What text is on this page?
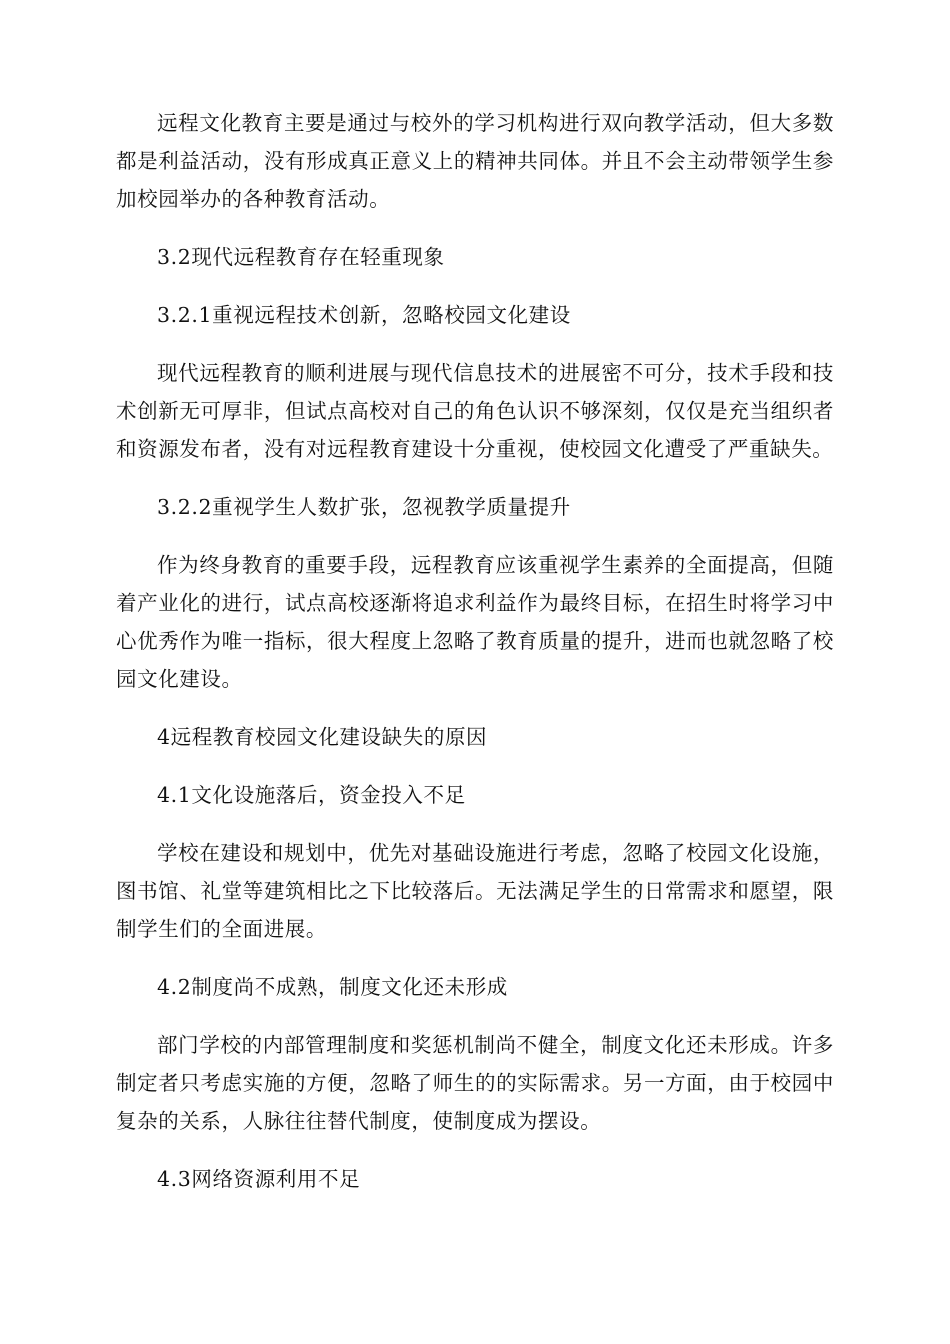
远程文化教育主要是通过与校外的学习机构进行双向教学活动，但大多数都是利益活动，没有形成真正意义上的精神共同体。并且不会主动带领学生参加校园举办的各种教育活动。

3.2现代远程教育存在轻重现象

3.2.1重视远程技术创新，忽略校园文化建设

现代远程教育的顺利进展与现代信息技术的进展密不可分，技术手段和技术创新无可厚非，但试点高校对自己的角色认识不够深刻，仅仅是充当组织者和资源发布者，没有对远程教育建设十分重视，使校园文化遭受了严重缺失。

3.2.2重视学生人数扩张，忽视教学质量提升

作为终身教育的重要手段，远程教育应该重视学生素养的全面提高，但随着产业化的进行，试点高校逐渐将追求利益作为最终目标，在招生时将学习中心优秀作为唯一指标，很大程度上忽略了教育质量的提升，进而也就忽略了校园文化建设。

4远程教育校园文化建设缺失的原因

4.1文化设施落后，资金投入不足

学校在建设和规划中，优先对基础设施进行考虑，忽略了校园文化设施，图书馆、礼堂等建筑相比之下比较落后。无法满足学生的日常需求和愿望，限制学生们的全面进展。

4.2制度尚不成熟，制度文化还未形成

部门学校的内部管理制度和奖惩机制尚不健全，制度文化还未形成。许多制定者只考虑实施的方便，忽略了师生的的实际需求。另一方面，由于校园中复杂的关系，人脉往往替代制度，使制度成为摆设。

4.3网络资源利用不足
